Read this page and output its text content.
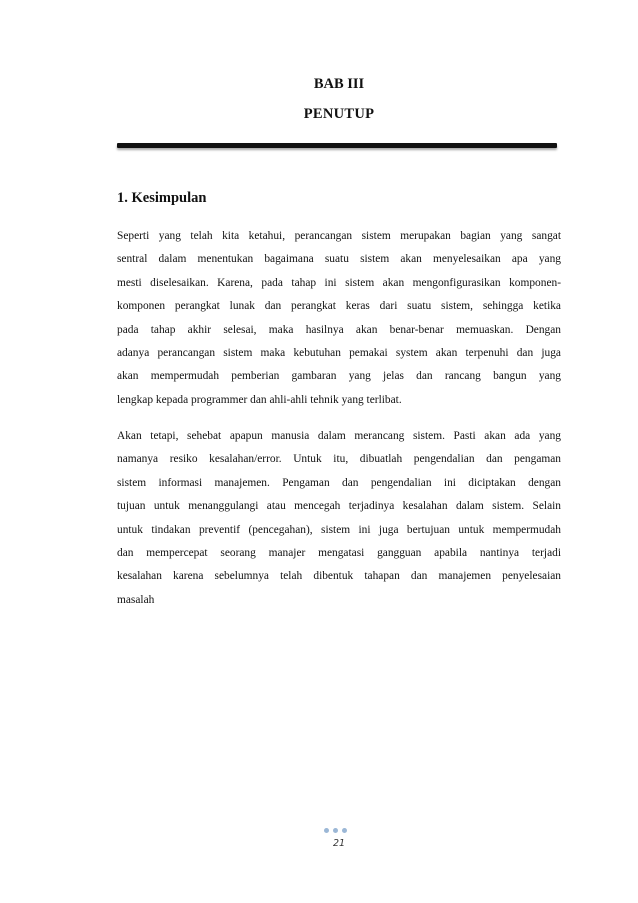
BAB III
PENUTUP
1. Kesimpulan
Seperti yang telah kita ketahui, perancangan sistem merupakan bagian yang sangat
sentral dalam menentukan bagaimana suatu sistem akan menyelesaikan apa yang
mesti diselesaikan. Karena, pada tahap ini sistem akan mengonfigurasikan komponen-
komponen perangkat lunak dan perangkat keras dari suatu sistem, sehingga ketika
pada tahap akhir selesai, maka hasilnya akan benar-benar memuaskan. Dengan
adanya perancangan sistem maka kebutuhan pemakai system akan terpenuhi dan juga
akan mempermudah pemberian gambaran yang jelas dan rancang bangun yang
lengkap kepada programmer dan ahli-ahli tehnik yang terlibat.
Akan tetapi, sehebat apapun manusia dalam merancang sistem. Pasti akan ada yang
namanya resiko kesalahan/error. Untuk itu, dibuatlah pengendalian dan pengaman
sistem informasi manajemen. Pengaman dan pengendalian ini diciptakan dengan
tujuan untuk menanggulangi atau mencegah terjadinya kesalahan dalam sistem. Selain
untuk tindakan preventif (pencegahan), sistem ini juga bertujuan untuk mempermudah
dan mempercepat seorang manajer mengatasi gangguan apabila nantinya terjadi
kesalahan karena sebelumnya telah dibentuk tahapan dan manajemen penyelesaian
masalah
21
